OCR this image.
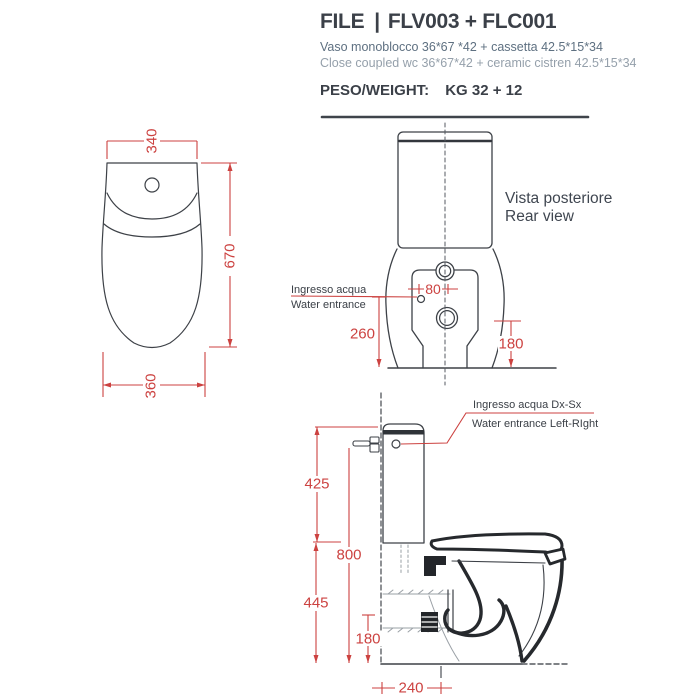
340
670
360
80
260
180
Vista posteriore
Rear view
Ingresso acqua
Water entrance
425
800
445
180
240
Ingresso acqua Dx-Sx
Water entrance Left-RIght
FILE | FLV003 + FLC001
Vaso monoblocco 36*67 *42 + cassetta 42.5*15*34
Close coupled wc 36*67*42 + ceramic cistren 42.5*15*34
PESO/WEIGHT: KG 32 + 12
